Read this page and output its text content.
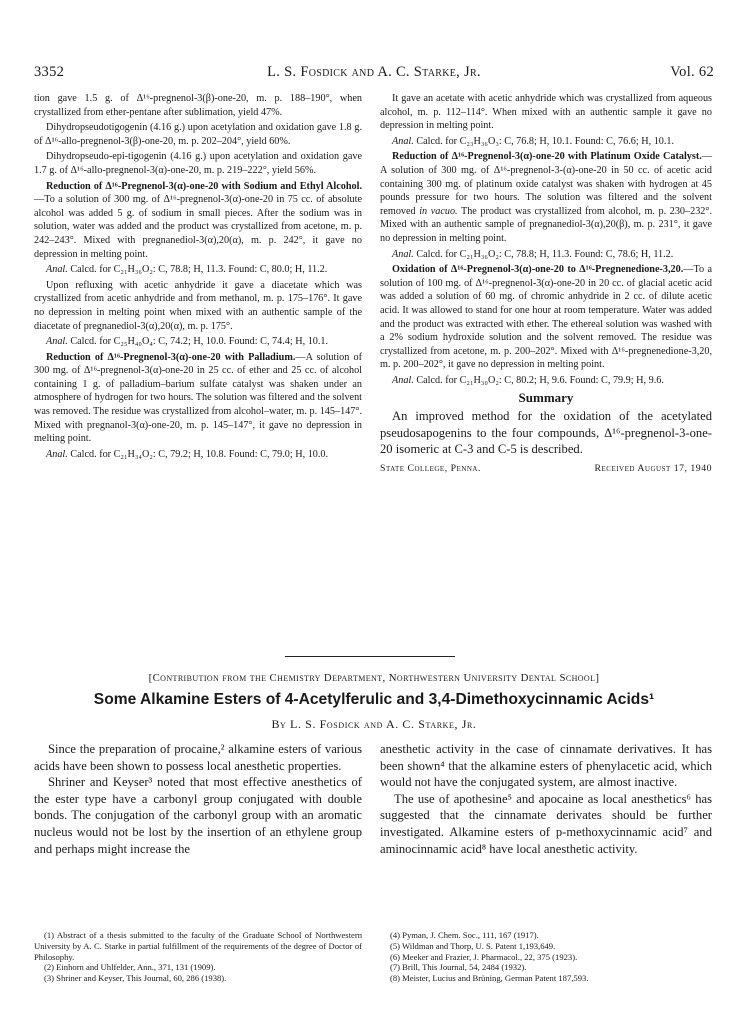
3352	L. S. Fosdick and A. C. Starke, Jr.	Vol. 62

tion gave 1.5 g. of Δ¹⁶-pregnenol-3(β)-one-20, m. p. 188–190°, when crystallized from ether-pentane after sublimation, yield 47%.

Dihydropseudotigogenin (4.16 g.) upon acetylation and oxidation gave 1.8 g. of Δ¹⁶-allo-pregnenol-3(β)-one-20, m. p. 202–204°, yield 60%.

Dihydropseudo-epi-tigogenin (4.16 g.) upon acetylation and oxidation gave 1.7 g. of Δ¹⁶-allo-pregnenol-3(α)-one-20, m. p. 219–222°, yield 56%.

Reduction of Δ¹⁶-Pregnenol-3(α)-one-20 with Sodium and Ethyl Alcohol.—To a solution of 300 mg. of Δ¹⁶-pregnenol-3(α)-one-20 in 75 cc. of absolute alcohol was added 5 g. of sodium in small pieces. After the sodium was in solution, water was added and the product was crystallized from acetone, m. p. 242–243°. Mixed with pregnanediol-3(α),20(α), m. p. 242°, it gave no depression in melting point.

Anal. Calcd. for C₂₁H₃₆O₂: C, 78.8; H, 11.3. Found: C, 80.0; H, 11.2.

Upon refluxing with acetic anhydride it gave a diacetate which was crystallized from acetic anhydride and from methanol, m. p. 175–176°. It gave no depression in melting point when mixed with an authentic sample of the diacetate of pregnanediol-3(α),20(α), m. p. 175°.

Anal. Calcd. for C₂₅H₄₀O₄: C, 74.2; H, 10.0. Found: C, 74.4; H, 10.1.

Reduction of Δ¹⁶-Pregnenol-3(α)-one-20 with Palladium.—A solution of 300 mg. of Δ¹⁶-pregnenol-3(α)-one-20 in 25 cc. of ether and 25 cc. of alcohol containing 1 g. of palladium–barium sulfate catalyst was shaken under an atmosphere of hydrogen for two hours. The solution was filtered and the solvent was removed. The residue was crystallized from alcohol–water, m. p. 145–147°. Mixed with pregnanol-3(α)-one-20, m. p. 145–147°, it gave no depression in melting point.

Anal. Calcd. for C₂₁H₃₄O₂: C, 79.2; H, 10.8. Found: C, 79.0; H, 10.0.

It gave an acetate with acetic anhydride which was crystallized from aqueous alcohol, m. p. 112–114°. When mixed with an authentic sample it gave no depression in melting point.

Anal. Calcd. for C₂₃H₃₆O₃: C, 76.8; H, 10.1. Found: C, 76.6; H, 10.1.

Reduction of Δ¹⁶-Pregnenol-3(α)-one-20 with Platinum Oxide Catalyst.—A solution of 300 mg. of Δ¹⁶-pregnenol-3-(α)-one-20 in 50 cc. of acetic acid containing 300 mg. of platinum oxide catalyst was shaken with hydrogen at 45 pounds pressure for two hours. The solution was filtered and the solvent removed in vacuo. The product was crystallized from alcohol, m. p. 230–232°. Mixed with an authentic sample of pregnanediol-3(α),20(β), m. p. 231°, it gave no depression in melting point.

Anal. Calcd. for C₂₁H₃₆O₂: C, 78.8; H, 11.3. Found: C, 78.6; H, 11.2.

Oxidation of Δ¹⁶-Pregnenol-3(α)-one-20 to Δ¹⁶-Pregnenedione-3,20.—To a solution of 100 mg. of Δ¹⁶-pregnenol-3(α)-one-20 in 20 cc. of glacial acetic acid was added a solution of 60 mg. of chromic anhydride in 2 cc. of dilute acetic acid. It was allowed to stand for one hour at room temperature. Water was added and the product was extracted with ether. The ethereal solution was washed with a 2% sodium hydroxide solution and the solvent removed. The residue was crystallized from acetone, m. p. 200–202°. Mixed with Δ¹⁶-pregnenedione-3,20, m. p. 200–202°, it gave no depression in melting point.

Anal. Calcd. for C₂₁H₃₀O₂: C, 80.2; H, 9.6. Found: C, 79.9; H, 9.6.

Summary

An improved method for the oxidation of the acetylated pseudosapogenins to the four compounds, Δ¹⁶-pregnenol-3-one-20 isomeric at C-3 and C-5 is described.

State College, Penna.	Received August 17, 1940
[Contribution from the Chemistry Department, Northwestern University Dental School]
Some Alkamine Esters of 4-Acetylferulic and 3,4-Dimethoxycinnamic Acids¹
By L. S. Fosdick and A. C. Starke, Jr.

Since the preparation of procaine,² alkamine esters of various acids have been shown to possess local anesthetic properties.

Shriner and Keyser³ noted that most effective anesthetics of the ester type have a carbonyl group conjugated with double bonds. The conjugation of the carbonyl group with an aromatic nucleus would not be lost by the insertion of an ethylene group and perhaps might increase the

anesthetic activity in the case of cinnamate derivatives. It has been shown⁴ that the alkamine esters of phenylacetic acid, which would not have the conjugated system, are almost inactive.

The use of apothesine⁵ and apocaine as local anesthetics⁶ has suggested that the cinnamate derivates should be further investigated. Alkamine esters of p-methoxycinnamic acid⁷ and aminocinnamic acid⁸ have local anesthetic activity.

(1) Abstract of a thesis submitted to the faculty of the Graduate School of Northwestern University by A. C. Starke in partial fulfillment of the requirements of the degree of Doctor of Philosophy.
(2) Einhorn and Uhlfelder, Ann., 371, 131 (1909).
(3) Shriner and Keyser, This Journal, 60, 286 (1938).
(4) Pyman, J. Chem. Soc., 111, 167 (1917).
(5) Wildman and Thorp, U. S. Patent 1,193,649.
(6) Meeker and Frazier, J. Pharmacol., 22, 375 (1923).
(7) Brill, This Journal, 54, 2484 (1932).
(8) Meister, Lucius and Brüning, German Patent 187,593.
